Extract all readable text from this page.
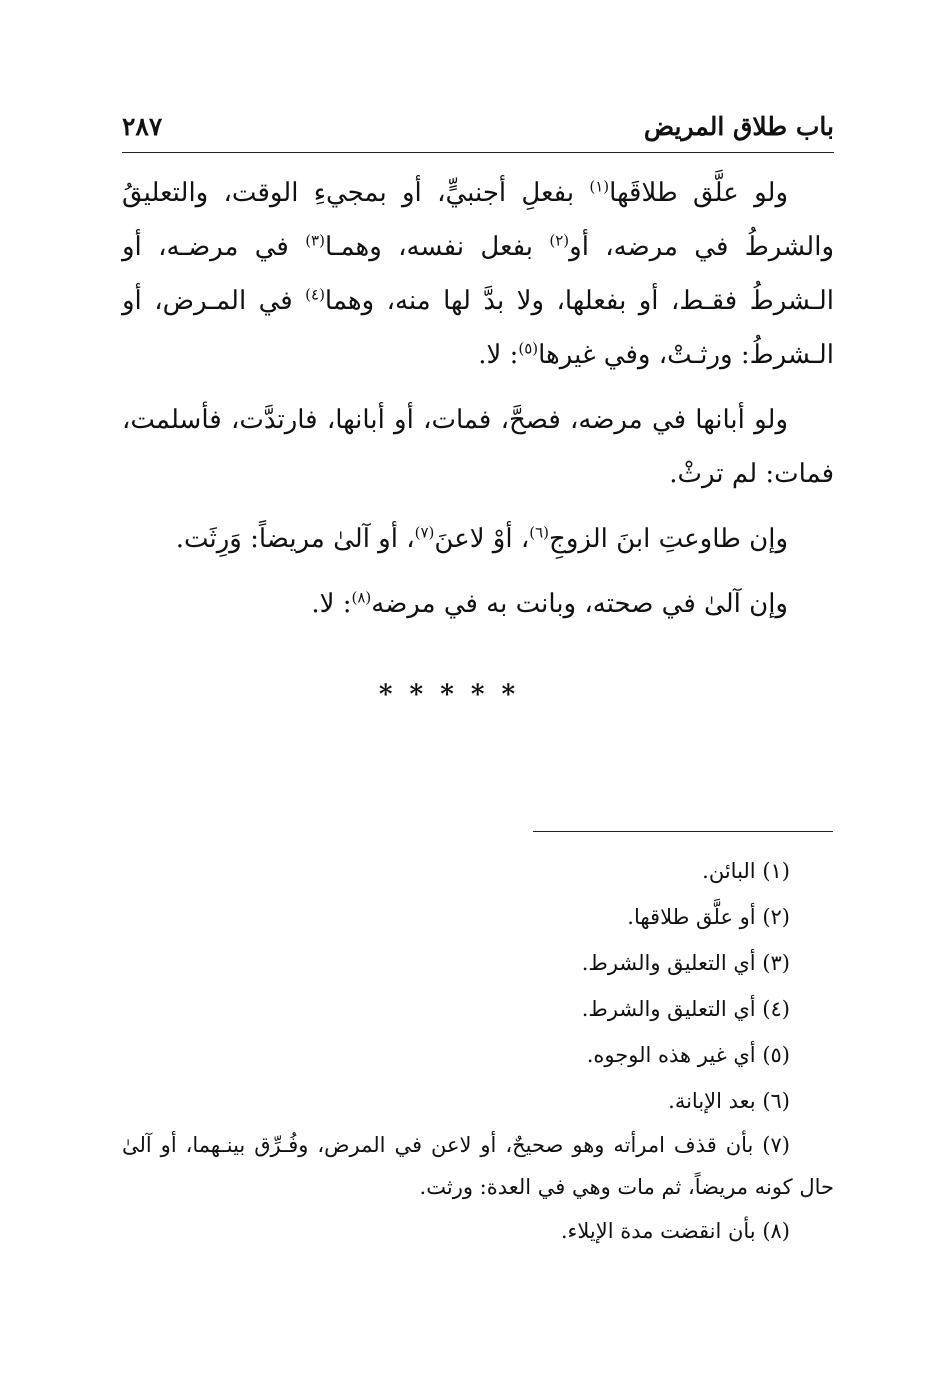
باب طلاق المريض
٢٨٧

ولو علَّق طلاقَها$^{(١)}$ بفعلِ أجنبيٍّ، أو بمجيءِ الوقت، والتعليقُ والشرطُ في مرضه، أو$^{(٢)}$ بفعل نفسه، وهمـا$^{(٣)}$ في مرضـه، أو الـشرطُ فقـط، أو بفعلها، ولا بدَّ لها منه، وهما$^{(٤)}$ في المـرض، أو الـشرطُ: ورثـتْ، وفي غيرها$^{(٥)}$: لا.

ولو أبانها في مرضه، فصحَّ، فمات، أو أبانها، فارتدَّت، فأسلمت، فمات: لم ترثْ.

وإن طاوعتِ ابنَ الزوجِ$^{(٦)}$، أوْ لاعنَ$^{(٧)}$، أو آلىٰ مريضاً: وَرِثَت.

وإن آلىٰ في صحته، وبانت به في مرضه$^{(٨)}$: لا.

* * * * *

(١) البائن.

(٢) أو علَّق طلاقها.

(٣) أي التعليق والشرط.

(٤) أي التعليق والشرط.

(٥) أي غير هذه الوجوه.

(٦) بعد الإبانة.

(٧) بأن قذف امرأته وهو صحيحٌ، أو لاعن في المرض، وفُـرِّق بينـهما، أو آلىٰ حال كونه مريضاً، ثم مات وهي في العدة: ورثت.

(٨) بأن انقضت مدة الإيلاء.
